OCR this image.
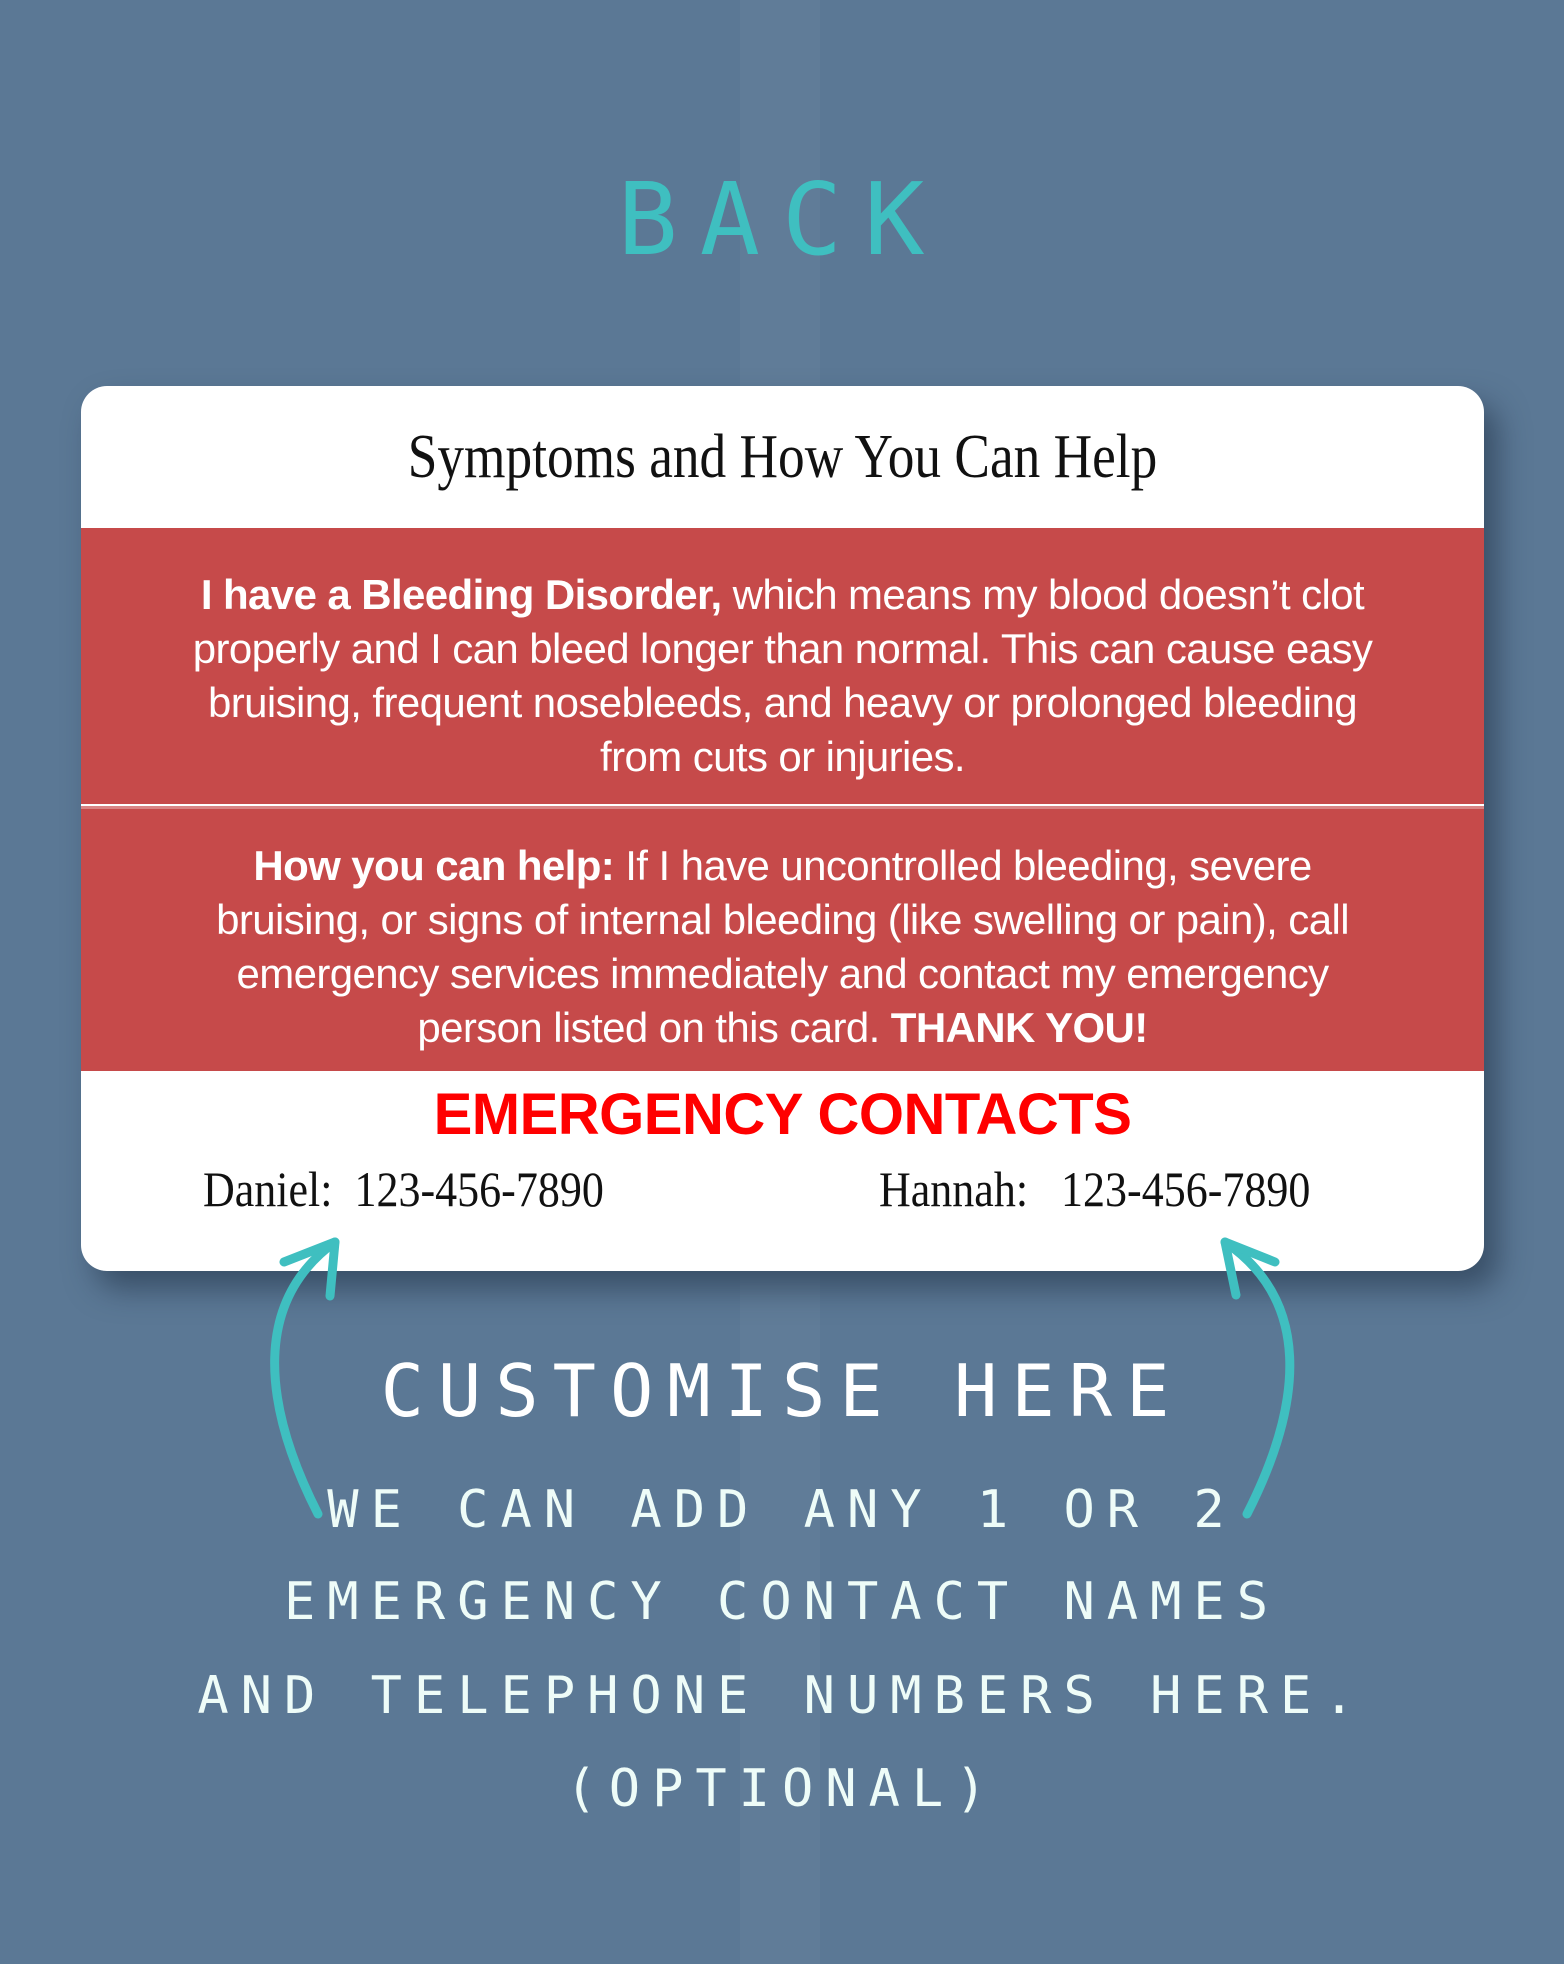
BACK
Symptoms and How You Can Help

I have a Bleeding Disorder, which means my blood doesn’t clot properly and I can bleed longer than normal. This can cause easy bruising, frequent nosebleeds, and heavy or prolonged bleeding from cuts or injuries.

How you can help: If I have uncontrolled bleeding, severe bruising, or signs of internal bleeding (like swelling or pain), call emergency services immediately and contact my emergency person listed on this card. THANK YOU!

EMERGENCY CONTACTS
Daniel:  123-456-7890	Hannah:   123-456-7890
CUSTOMISE HERE
WE CAN ADD ANY 1 OR 2
EMERGENCY CONTACT NAMES
AND TELEPHONE NUMBERS HERE.
(OPTIONAL)
